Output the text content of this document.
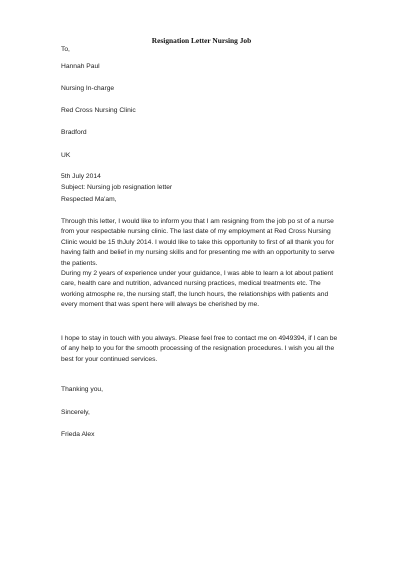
Resignation Letter Nursing Job
To,
Hannah Paul
Nursing In-charge
Red Cross Nursing Clinic
Bradford
UK
5th July 2014
Subject: Nursing job resignation letter
Respected Ma'am,
Through this letter, I would like to inform you that I am resigning from the job po st of a nurse
from your respectable nursing clinic. The last date of my employment at Red Cross Nursing
Clinic would be 15 thJuly 2014. I would like to take this opportunity to first of all thank you for
having faith and belief in my nursing skills and for presenting me with an opportunity to serve
the patients.
During my 2 years of experience under your guidance, I was able to learn a lot about patient
care, health care and nutrition, advanced nursing practices, medical treatments etc. The
working atmosphe re, the nursing staff, the lunch hours, the relationships with patients and
every moment that was spent here will always be cherished by me.
I hope to stay in touch with you always. Please feel free to contact me on 4949394, if I can be
of any help to you for the smooth processing of the resignation procedures. I wish you all the
best for your continued services.
Thanking you,
Sincerely,
Frieda Alex
